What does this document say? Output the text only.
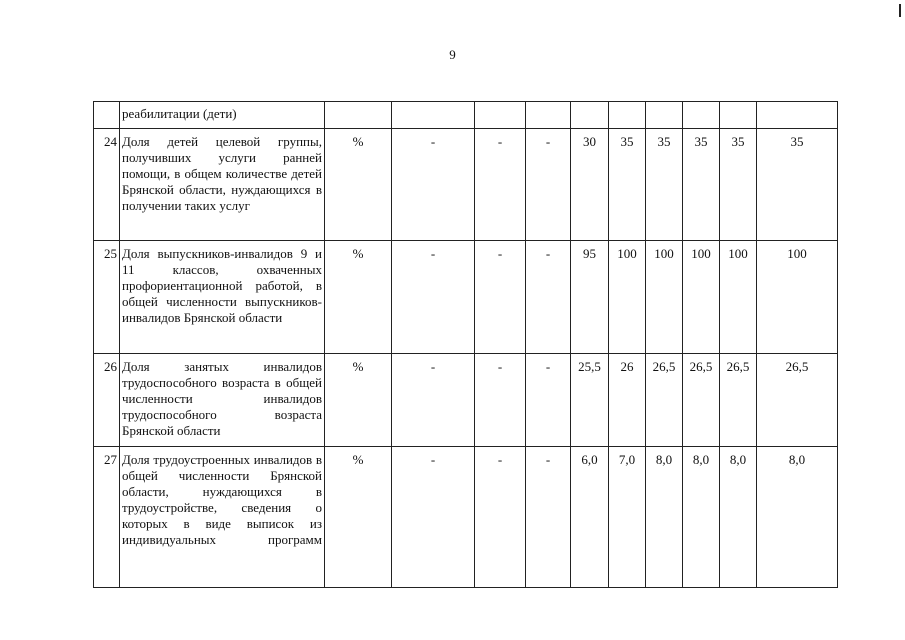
9
	реабилитации (дети)										
24	Доля детей целевой группы, получивших услуги ранней помощи, в общем количестве детей Брянской области, нуждающихся в получении таких услуг	%	-	-	-	30	35	35	35	35	35
25	Доля выпускников-инвалидов 9 и 11 классов, охваченных профориентационной работой, в общей численности выпускников-инвалидов Брянской области	%	-	-	-	95	100	100	100	100	100
26	Доля занятых инвалидов трудоспособного возраста в общей численности инвалидов трудоспособного возраста Брянской области	%	-	-	-	25,5	26	26,5	26,5	26,5	26,5
27	Доля трудоустроенных инвалидов в общей численности Брянской области, нуждающихся в трудоустройстве, сведения о которых в виде выписок из индивидуальных программ	%	-	-	-	6,0	7,0	8,0	8,0	8,0	8,0
